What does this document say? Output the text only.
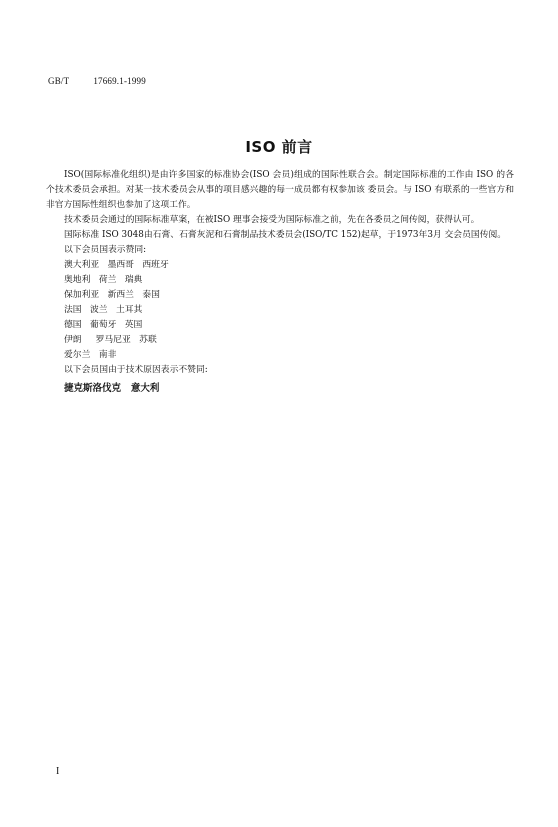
GB/T	17669.1-1999
ISO 前言

ISO(国际标准化组织)是由许多国家的标准协会(ISO 会员)组成的国际性联合会。制定国际标准的工作由 ISO 的各个技术委员会承担。对某一技术委员会从事的项目感兴趣的每一成员都有权参加该 委员会。与 ISO 有联系的一些官方和非官方国际性组织也参加了这项工作。

技术委员会通过的国际标准草案，在被ISO 理事会接受为国际标准之前，先在各委员之间传阅，获得认可。

国际标准 ISO 3048由石膏、石膏灰泥和石膏制品技术委员会(ISO/TC 152)起草，于1973年3月 交会员国传阅。

以下会员国表示赞同:

澳大利亚   墨西哥   西班牙

奥地利   荷兰   瑞典

保加利亚   新西兰   泰国

法国   波兰   土耳其

德国   葡萄牙   英国

伊朗     罗马尼亚   苏联

爱尔兰   南非

以下会员国由于技术原因表示不赞同:

捷克斯洛伐克   意大利

I
